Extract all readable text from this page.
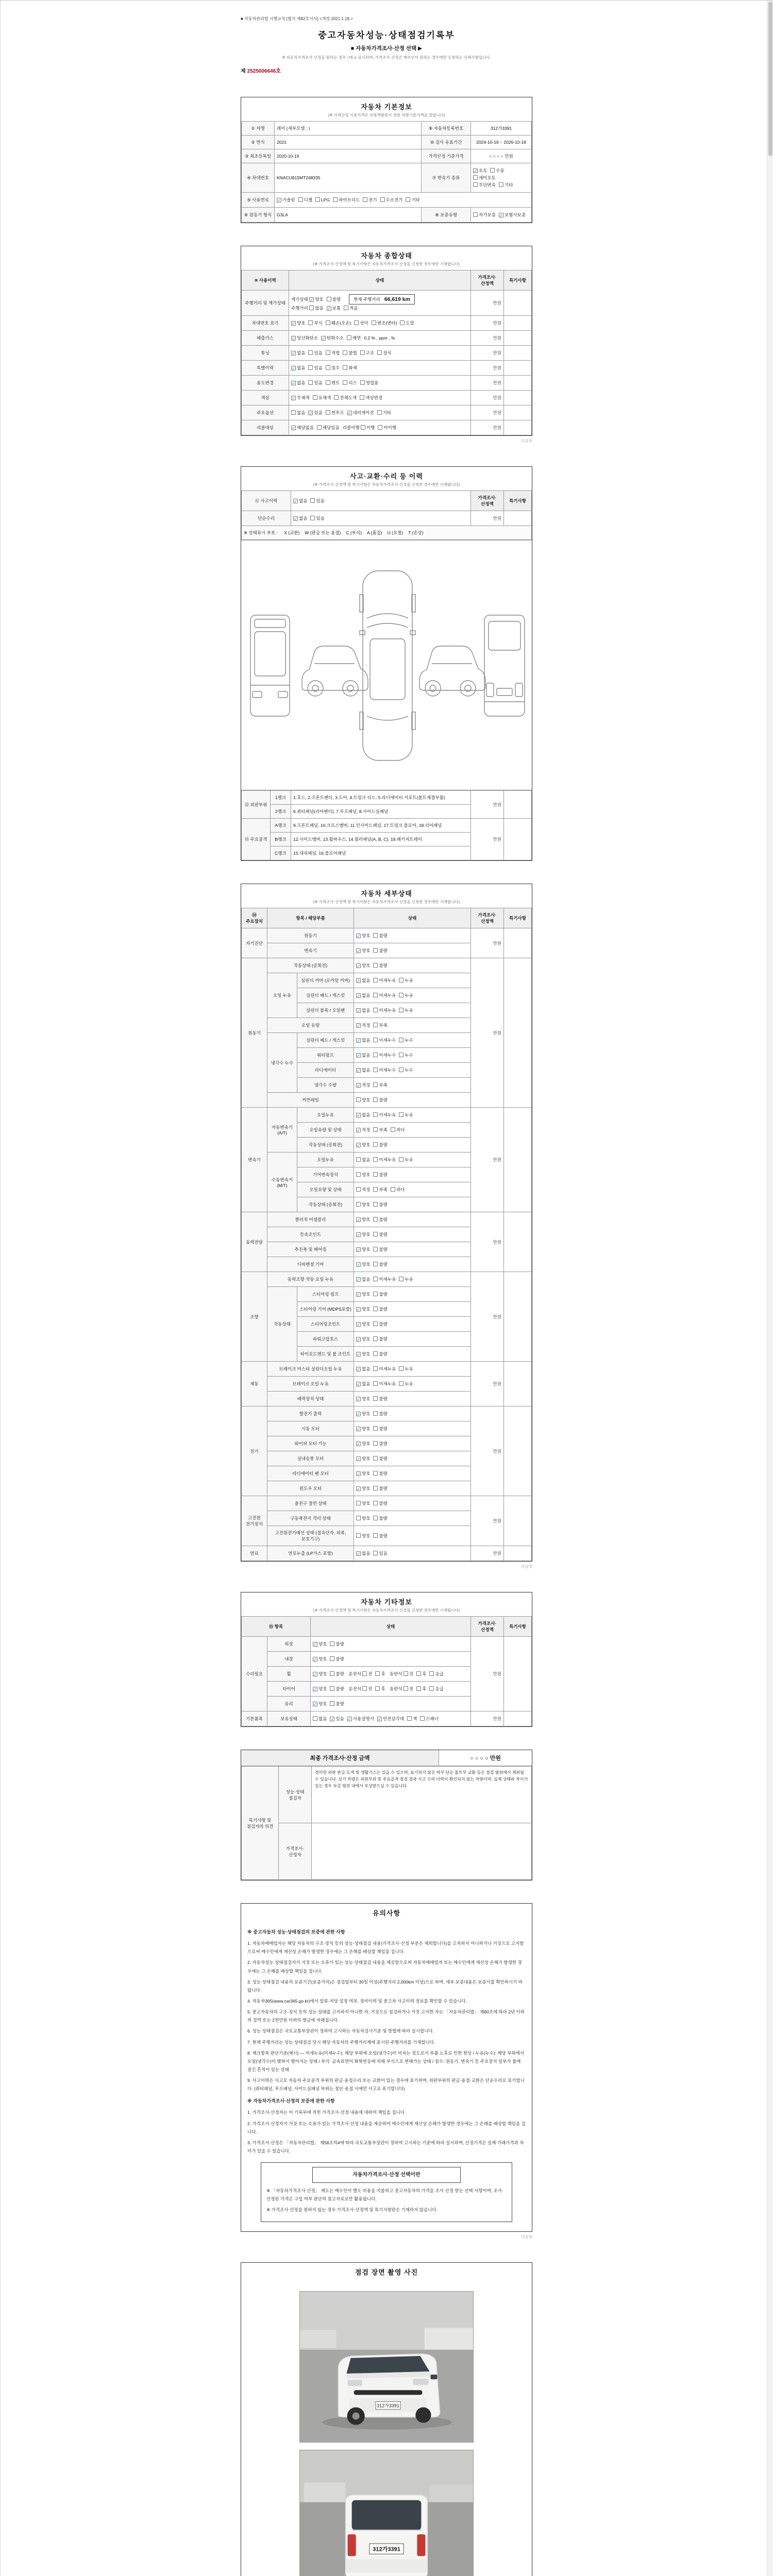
■ 자동차관리법 시행규칙 [별지 제82호서식] <개정 2021.1.19.>
중고자동차성능·상태점검기록부
■ 자동차가격조사·산정 선택 ▶
※ 자동차가격조사·산정을 원하는 경우 □에 ∨ 표시하며, 가격조사·산정은 매수인이 원하는 경우에만 신청하는 선택사항입니다.
제 2525006646호
자동차 기본정보
(※ 가격산정 기준가격은 보험개발원이 정한 차량기준가액을 말합니다)
① 차명	레이 (세부모델 : )	⑨ 자동차등록번호	312가3391
② 연식	2021	⑩ 검사 유효기간	2024-10-19 ~ 2026-10-18
③ 최초등록일	2020-10-19	가격산정 기준가격	○ ○ ○ ○ 만원
④ 차대번호	KNACU815MT248335	⑦ 변속기 종류	✓ 오토 수동세미오토
무단변속 기타
⑤ 사용연료	✓ 가솔린 디젤 LPG 하이브리드 전기 수소전기 기타		
⑥ 원동기 형식	G3LA	⑧ 보증유형	자가보증 ✓ 보험사보증
자동차 종합상태
(※ 가격조사·산정액 및 특기사항은 자동차가격조사·산정을 신청한 경우에만 기재합니다)
⑩ 사용이력	상태	가격조사·산정액	특기사항
주행거리 및 계기상태	계기상태 ✓ 양호 불량 현재 주행거리 66,619 km
주행거리 많음 ✓ 보통 적음	만원	
차대번호 표기	✓ 양호 부식 훼손(오손) 상이 변조(변타) 도말	만원	
배출가스	✓ 일산화탄소 ✓ 탄화수소 매연 0.2 % , ppm , %	만원	
튜닝	✓ 없음 있음 적법 불법 구조 장치	만원	
특별이력	✓ 없음 있음 침수 화재	만원	
용도변경	✓ 없음 있음 렌트 리스 영업용	만원	
색상	✓ 무채색 유채색 전체도색 색상변경	만원	
주요옵션	없음 ✓ 있음 썬루프 ✓ 네비게이션 기타	만원	
리콜대상	✓ 해당없음 해당있음 리콜이행 이행 미이행	만원	
다음장
사고·교환·수리 등 이력
(※ 가격조사·산정액 및 특기사항은 자동차가격조사·산정을 신청한 경우에만 기재합니다)
⑪ 사고이력	✓ 없음 있음	가격조사·산정액	특기사항
단순수리	✓ 없음 있음	만원	
※ 상태표시 부호 : X (교환) W (판금 또는 용접) C (부식) A (흠집) U (요철) T (손상)			
⑫ 외판부위	1랭크	1.후드, 2.프론트펜더, 3.도어, 4.트렁크 리드, 5.라디에이터 서포트(볼트체결부품)	만원	
	2랭크	6.쿼터패널(리어펜더), 7.루프패널, 8.사이드실패널		
⑬ 주요골격	A랭크	9.프론트패널, 10.크로스멤버, 11.인사이드패널, 17.트렁크 플로어, 18.리어패널	만원	
	B랭크	12.사이드멤버, 13.휠하우스, 14.필러패널(A, B, C), 19.패키지트레이		
	C랭크	15.대쉬패널, 16.플로어패널		
자동차 세부상태
(※ 가격조사·산정액 및 특기사항은 자동차가격조사·산정을 신청한 경우에만 기재합니다)
⑭ 주요장치	항목 / 해당부품		상태	가격조사·산정액	특기사항
자기진단	원동기		✓ 양호 불량	만원	
	변속기		✓ 양호 불량		
원동기	작동상태 (공회전)		✓ 양호 불량	만원	
	오일 누유	실린더 커버 (로커암 커버)	✓ 없음 미세누유 누유		
		실린더 헤드 / 개스킷	✓ 없음 미세누유 누유		
		실린더 블록 / 오일팬	✓ 없음 미세누유 누유		
	오일 유량		✓ 적정 부족		
	냉각수 누수	실린더 헤드 / 개스킷	✓ 없음 미세누수 누수		
		워터펌프	✓ 없음 미세누수 누수		
		라디에이터	✓ 없음 미세누수 누수		
		냉각수 수량	✓ 적정 부족		
	커먼레일		양호 불량		
변속기	자동변속기 (A/T)	오일누유	✓ 없음 미세누유 누유	만원	
		오일유량 및 상태	✓ 적정 부족 과다		
		작동상태 (공회전)	✓ 양호 불량		
	수동변속기 (M/T)	오일누유	없음 미세누유 누유		
		기어변속장치	양호 불량		
		오일유량 및 상태	적정 부족 과다		
		작동상태 (공회전)	양호 불량		
동력전달	클러치 어셈블리		✓ 양호 불량	만원	
	등속조인트		✓ 양호 불량		
	추진축 및 베어링		✓ 양호 불량		
	디퍼렌셜 기어		✓ 양호 불량		
조향	동력조향 작동 오일 누유		✓ 없음 미세누유 누유	만원	
	작동상태	스티어링 펌프	✓ 양호 불량		
		스티어링 기어 (MDPS포함)	✓ 양호 불량		
		스티어링조인트	✓ 양호 불량		
		파워고압호스	✓ 양호 불량		
		타이로드엔드 및 볼 조인트	✓ 양호 불량		
제동	브레이크 마스터 실린더오일 누유		✓ 없음 미세누유 누유	만원	
	브레이크 오일 누유		✓ 없음 미세누유 누유		
	배력장치 상태		✓ 양호 불량		
전기	발전기 출력		✓ 양호 불량	만원	
	시동 모터		✓ 양호 불량		
	와이퍼 모터 기능		✓ 양호 불량		
	실내송풍 모터		✓ 양호 불량		
	라디에이터 팬 모터		✓ 양호 불량		
	윈도우 모터		✓ 양호 불량		
고전원 전기장치	충전구 절연 상태		양호 불량	만원	
	구동축전지 격리 상태		양호 불량		
	고전원전기배선 상태 (접속단자, 피복, 보호기구)		양호 불량		
연료	연료누출 (LP가스 포함)		✓ 없음 있음	만원	
다음장
자동차 기타정보
(※ 가격조사·산정액 및 특기사항은 자동차가격조사·산정을 신청한 경우에만 기재합니다)
⑮ 항목		상태	가격조사·산정액	특기사항
수리필요	외장	✓ 양호 불량	만원	
	내장	✓ 양호 불량		
	휠	✓ 양호 불량 운전석 전 후 동반석 전 후 응급		
	타이어	✓ 양호 불량 운전석 전 후 동반석 전 후 응급		
	유리	✓ 양호 불량		
기본품목	보유상태	없음 ✓ 있음 ✓ 사용설명서 ✓ 안전삼각대 잭 스패너	만원	
최종 가격조사·산정 금액	○ ○ ○ ○ 만원
특기사항 및 점검자의 의견	성능·상태 점검자	경미한 외판 판금·도색 및 생활기스는 있을 수 있으며, 표기되지 않은 하부 단순 볼트부 교환 등은 점검 범위에서 제외될 수 있습니다. 상기 차량은 외판부위 및 주요골격 점검 결과 사고 수리 이력이 확인되지 않는 차량이며, 실제 상태와 차이가 있는 경우 보증 범위 내에서 보상받으실 수 있습니다.
	가격조사· 산정자	
유의사항
※ 중고자동차 성능·상태점검의 보증에 관한 사항
1. 자동차매매업자는 해당 자동차의 구조·장치 등의 성능·상태점검 내용(가격조사·산정 부분은 제외합니다)을 고지하지 아니하거나 거짓으로 고지함으로써 매수인에게 재산상 손해가 발생한 경우에는 그 손해를 배상할 책임을 집니다.
2. 자동차성능·상태점검자가 거짓 또는 오류가 있는 성능·상태점검 내용을 제공함으로써 자동차매매업자 또는 매수인에게 재산상 손해가 발생한 경우에는 그 손해를 배상할 책임을 집니다.
3. 성능·상태점검 내용의 보증기간(보증거리)은 점검일부터 30일 이상(주행거리 2,000km 이상)으로 하며, 세부 보증내용은 보증서를 확인하시기 바랍니다.
4. 자동차365(www.car365.go.kr)에서 압류·저당 설정 여부, 정비이력 및 중고차 사고이력 정보를 확인할 수 있습니다.
5. 중고자동차의 구조·장치 등의 성능·상태를 고지하지 아니한 자, 거짓으로 점검하거나 거짓 고지한 자는 「자동차관리법」 제80조에 따라 2년 이하의 징역 또는 2천만원 이하의 벌금에 처해집니다.
6. 성능·상태점검은 국토교통부장관이 정하여 고시하는 자동차검사기준 및 방법에 따라 실시합니다.
7. 현재 주행거리는 성능·상태점검 당시 해당 자동차의 주행거리계에 표시된 주행거리를 기재합니다.
8. 체크항목 판단기준(예시) — 미세누유(미세누수): 해당 부위에 오일(냉각수)이 비치는 정도로서 부품 노후로 인한 현상 / 누유(누수): 해당 부위에서 오일(냉각수)이 맺혀서 떨어지는 상태 / 부식: 금속표면이 화학반응에 의해 부식으로 변해가는 상태 / 침수: 원동기, 변속기 등 주요장치 일부가 물에 잠긴 흔적이 있는 상태
9. 사고이력은 사고로 자동차 주요골격 부위의 판금·용접수리 또는 교환이 있는 경우에 표기하며, 외판부위의 판금·용접·교환은 단순수리로 표기합니다. (쿼터패널, 루프패널, 사이드실패널 부위는 절단·용접 시에만 사고로 표기합니다)
※ 자동차가격조사·산정의 보증에 관한 사항
1. 가격조사·산정자는 이 기록부에 적힌 가격조사·산정 내용에 대하여 책임을 집니다.
2. 가격조사·산정자가 거짓 또는 오류가 있는 가격조사·산정 내용을 제공하여 매수인에게 재산상 손해가 발생한 경우에는 그 손해를 배상할 책임을 집니다.
3. 가격조사·산정은 「자동차관리법」 제58조의4에 따라 국토교통부장관이 정하여 고시하는 기준에 따라 실시하며, 산정가격은 실제 거래가격과 차이가 있을 수 있습니다.
자동차가격조사·산정 선택이란
※ 「자동차가격조사·산정」 제도는 매수인이 별도 비용을 지불하고 중고자동차의 가격을 조사·산정 받는 선택 사항이며, 조사·산정된 가격은 구입 여부 판단의 참고자료로만 활용됩니다.
※ 가격조사·산정을 원하지 않는 경우 가격조사·산정액 및 특기사항란은 기재하지 않습니다.
다음장
점검 장면 촬영 사진
312가3391
312가3391
